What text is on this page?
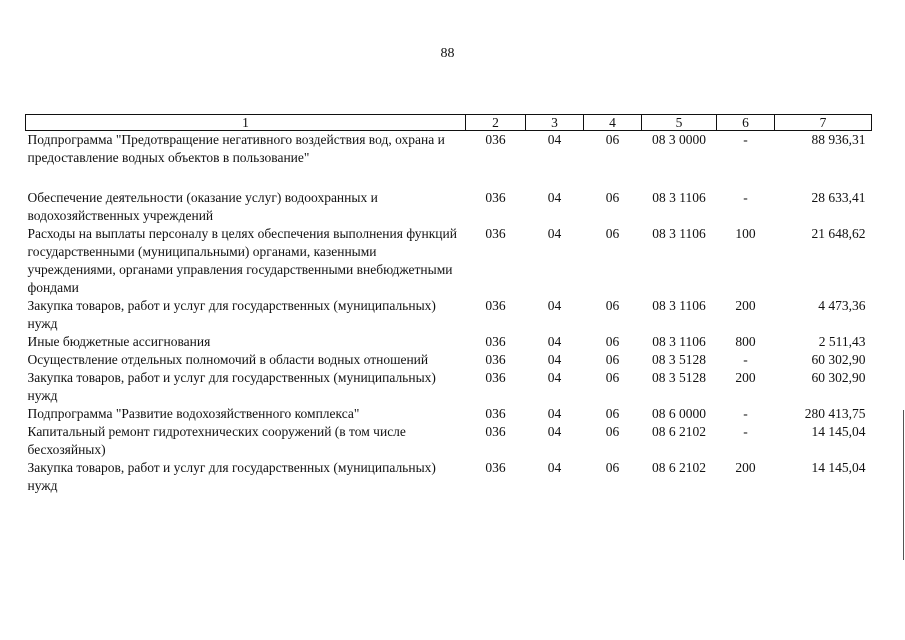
88
1	2	3	4	5	6	7
Подпрограмма "Предотвращение негативного воздействия вод, охрана и предоставление водных объектов в пользование"	036	04	06	08 3 0000	-	88 936,31
Обеспечение деятельности (оказание услуг) водоохранных и водохозяйственных учреждений	036	04	06	08 3 1106	-	28 633,41
Расходы на выплаты персоналу в целях обеспечения выполнения функций государственными (муниципальными) органами, казенными учреждениями, органами управления государственными внебюджетными фондами	036	04	06	08 3 1106	100	21 648,62
Закупка товаров, работ и услуг для государственных (муниципальных) нужд	036	04	06	08 3 1106	200	4 473,36
Иные бюджетные ассигнования	036	04	06	08 3 1106	800	2 511,43
Осуществление отдельных полномочий в области водных отношений	036	04	06	08 3 5128	-	60 302,90
Закупка товаров, работ и услуг для государственных (муниципальных) нужд	036	04	06	08 3 5128	200	60 302,90
Подпрограмма "Развитие водохозяйственного комплекса"	036	04	06	08 6 0000	-	280 413,75
Капитальный ремонт гидротехнических сооружений (в том числе бесхозяйных)	036	04	06	08 6 2102	-	14 145,04
Закупка товаров, работ и услуг для государственных (муниципальных) нужд	036	04	06	08 6 2102	200	14 145,04
